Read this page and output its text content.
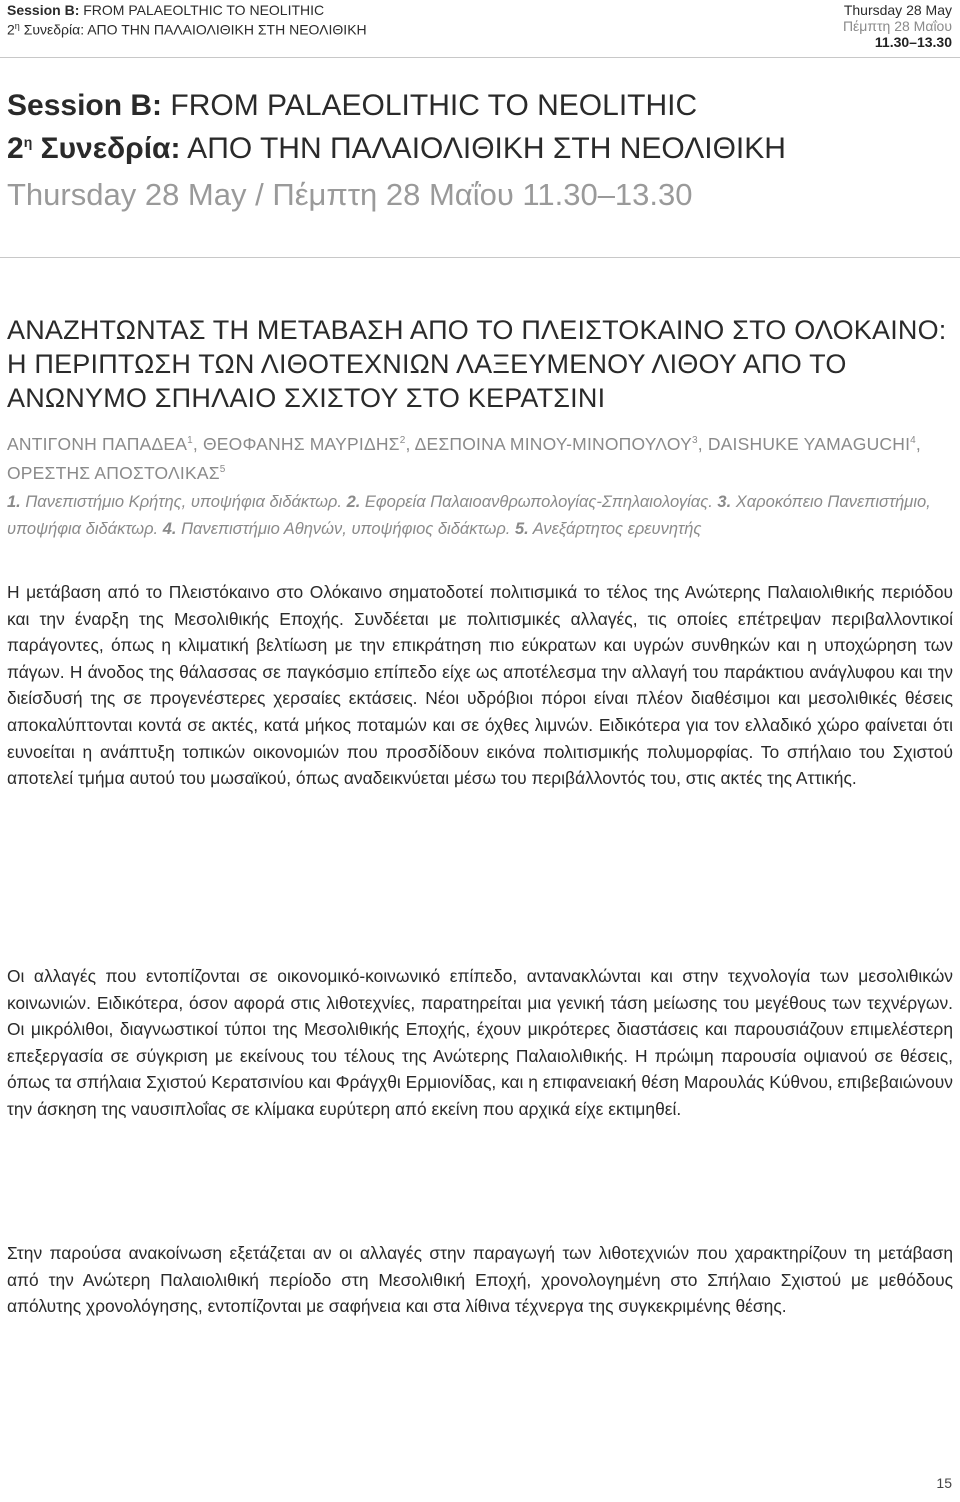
Session B: FROM PALAEOLTHIC TO NEOLITHIC
$2^\eta$ Συνεδρία: ΑΠΟ ΤΗΝ ΠΑΛΑΙΟΛΙΘΙΚΗ ΣΤΗ ΝΕΟΛΙΘΙΚΗ
Thursday 28 May
Πέμπτη 28 Μαΐου
11.30–13.30
Session B: FROM PALAEOLITHIC TO NEOLITHIC
$2^\eta$ Συνεδρία: ΑΠΟ ΤΗΝ ΠΑΛΑΙΟΛΙΘΙΚΗ ΣΤΗ ΝΕΟΛΙΘΙΚΗ
Thursday 28 May / Πέμπτη 28 Μαΐου 11.30–13.30
ΑΝΑΖΗΤΩΝΤΑΣ ΤΗ ΜΕΤΑΒΑΣΗ ΑΠΟ ΤΟ ΠΛΕΙΣΤΟΚΑΙΝΟ ΣΤΟ ΟΛΟΚΑΙΝΟ: Η ΠΕΡΙΠΤΩΣΗ ΤΩΝ ΛΙΘΟΤΕΧΝΙΩΝ ΛΑΞΕΥΜΕΝΟΥ ΛΙΘΟΥ ΑΠΟ ΤΟ ΑΝΩΝΥΜΟ ΣΠΗΛΑΙΟ ΣΧΙΣΤΟΥ ΣΤΟ ΚΕΡΑΤΣΙΝΙ
ΑΝΤΙΓΟΝΗ ΠΑΠΑΔΕΑ$^1$, ΘΕΟΦΑΝΗΣ ΜΑΥΡΙΔΗΣ$^2$, ΔΕΣΠΟΙΝΑ ΜΙΝΟΥ-ΜΙΝΟΠΟΥΛΟΥ$^3$, DAISHUKE YAMAGUCHI$^4$, ΟΡΕΣΤΗΣ ΑΠΟΣΤΟΛΙΚΑΣ$^5$
1. Πανεπιστήμιο Κρήτης, υποψήφια διδάκτωρ. 2. Εφορεία Παλαιοανθρωπολογίας-Σπηλαιολογίας. 3. Χαροκόπειο Πανεπιστήμιο, υποψήφια διδάκτωρ. 4. Πανεπιστήμιο Αθηνών, υποψήφιος διδάκτωρ. 5. Ανεξάρτητος ερευνητής
Η μετάβαση από το Πλειστόκαινο στο Ολόκαινο σηματοδοτεί πολιτισμικά το τέλος της Ανώτερης Παλαιολιθικής περιόδου και την έναρξη της Μεσολιθικής Εποχής. Συνδέεται με πολιτισμικές αλλαγές, τις οποίες επέτρεψαν περιβαλλοντικοί παράγοντες, όπως η κλιματική βελτίωση με την επικράτηση πιο εύκρατων και υγρών συνθηκών και η υποχώρηση των πάγων. Η άνοδος της θάλασσας σε παγκόσμιο επίπεδο είχε ως αποτέλεσμα την αλλαγή του παράκτιου ανάγλυφου και την διείσδυσή της σε προγενέστερες χερσαίες εκτάσεις. Νέοι υδρόβιοι πόροι είναι πλέον διαθέσιμοι και μεσολιθικές θέσεις αποκαλύπτονται κοντά σε ακτές, κατά μήκος ποταμών και σε όχθες λιμνών. Ειδικότερα για τον ελλαδικό χώρο φαίνεται ότι ευνοείται η ανάπτυξη τοπικών οικονομιών που προσδίδουν εικόνα πολιτισμικής πολυμορφίας. Το σπήλαιο του Σχιστού αποτελεί τμήμα αυτού του μωσαϊκού, όπως αναδεικνύεται μέσω του περιβάλλοντός του, στις ακτές της Αττικής.
Οι αλλαγές που εντοπίζονται σε οικονομικό-κοινωνικό επίπεδο, αντανακλώνται και στην τεχνολογία των μεσολιθικών κοινωνιών. Ειδικότερα, όσον αφορά στις λιθοτεχνίες, παρατηρείται μια γενική τάση μείωσης του μεγέθους των τεχνέργων. Οι μικρόλιθοι, διαγνωστικοί τύποι της Μεσολιθικής Εποχής, έχουν μικρότερες διαστάσεις και παρουσιάζουν επιμελέστερη επεξεργασία σε σύγκριση με εκείνους του τέλους της Ανώτερης Παλαιολιθικής. Η πρώιμη παρουσία οψιανού σε θέσεις, όπως τα σπήλαια Σχιστού Κερατσινίου και Φράγχθι Ερμιονίδας, και η επιφανειακή θέση Μαρουλάς Κύθνου, επιβεβαιώνουν την άσκηση της ναυσιπλοΐας σε κλίμακα ευρύτερη από εκείνη που αρχικά είχε εκτιμηθεί.
Στην παρούσα ανακοίνωση εξετάζεται αν οι αλλαγές στην παραγωγή των λιθοτεχνιών που χαρακτηρίζουν τη μετάβαση από την Ανώτερη Παλαιολιθική περίοδο στη Μεσολιθική Εποχή, χρονολογημένη στο Σπήλαιο Σχιστού με μεθόδους απόλυτης χρονολόγησης, εντοπίζονται με σαφήνεια και στα λίθινα τέχνεργα της συγκεκριμένης θέσης.
15
